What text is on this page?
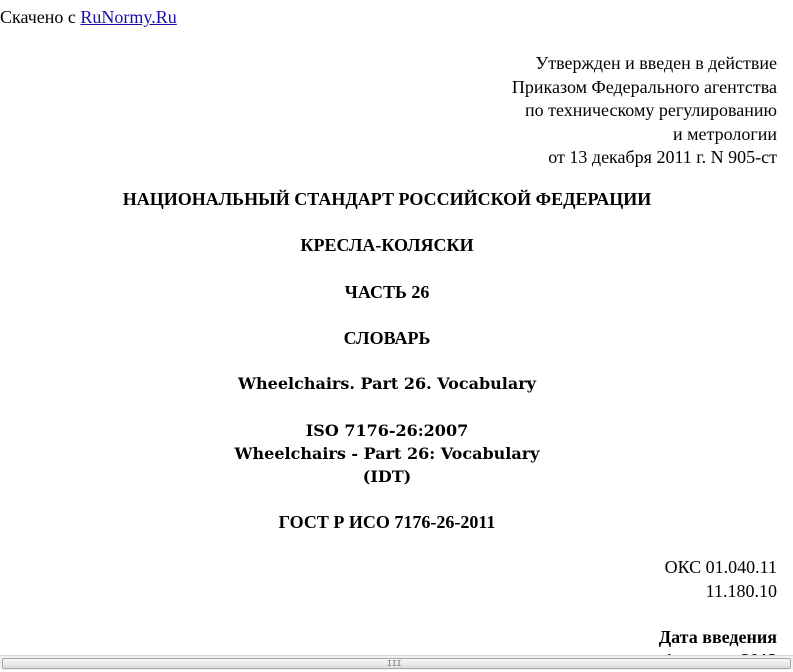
Скачено с RuNormy.Ru
Утвержден и введен в действие
Приказом Федерального агентства
по техническому регулированию
и метрологии
от 13 декабря 2011 г. N 905-ст
НАЦИОНАЛЬНЫЙ СТАНДАРТ РОССИЙСКОЙ ФЕДЕРАЦИИ
КРЕСЛА-КОЛЯСКИ
ЧАСТЬ 26
СЛОВАРЬ
Wheelchairs. Part 26. Vocabulary
ISO 7176-26:2007
Wheelchairs - Part 26: Vocabulary
(IDT)
ГОСТ Р ИСО 7176-26-2011
ОКС 01.040.11
11.180.10
Дата введения
III
